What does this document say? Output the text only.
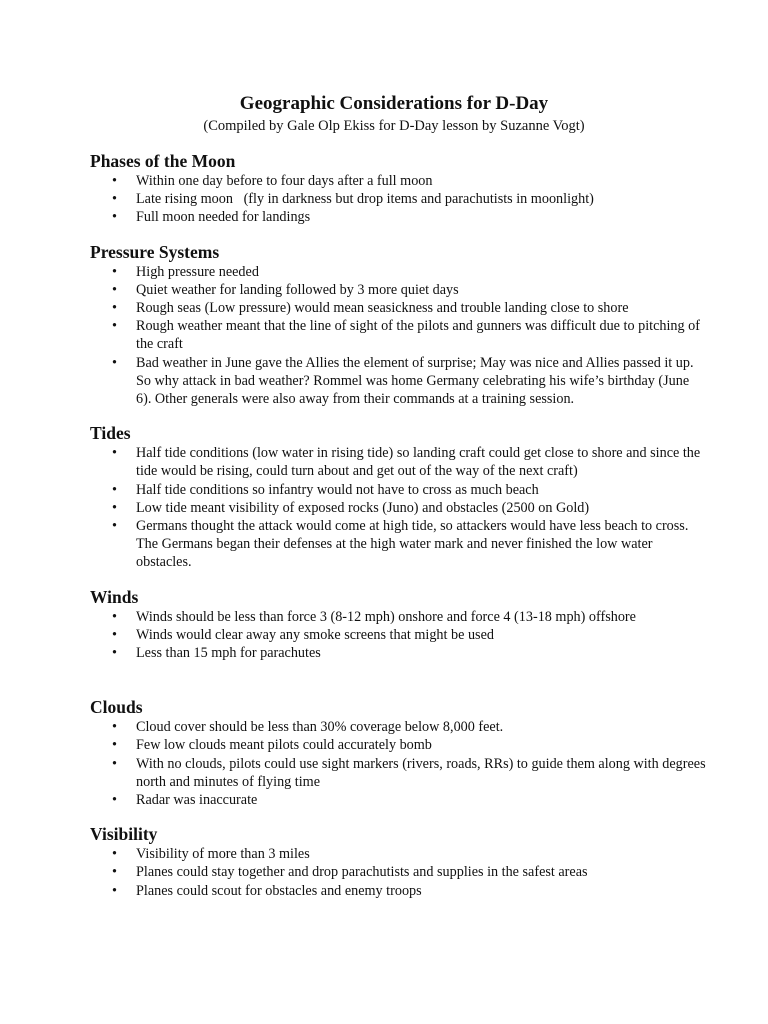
Geographic Considerations for D-Day

(Compiled by Gale Olp Ekiss for D-Day lesson by Suzanne Vogt)

Phases of the Moon
• Within one day before to four days after a full moon
• Late rising moon   (fly in darkness but drop items and parachutists in moonlight)
• Full moon needed for landings
Pressure Systems
• High pressure needed
• Quiet weather for landing followed by 3 more quiet days
• Rough seas (Low pressure) would mean seasickness and trouble landing close to shore
• Rough weather meant that the line of sight of the pilots and gunners was difficult due to pitching of the craft
• Bad weather in June gave the Allies the element of surprise; May was nice and Allies passed it up. So why attack in bad weather? Rommel was home Germany celebrating his wife’s birthday (June 6). Other generals were also away from their commands at a training session.
Tides
• Half tide conditions (low water in rising tide) so landing craft could get close to shore and since the tide would be rising, could turn about and get out of the way of the next craft)
• Half tide conditions so infantry would not have to cross as much beach
• Low tide meant visibility of exposed rocks (Juno) and obstacles (2500 on Gold)
• Germans thought the attack would come at high tide, so attackers would have less beach to cross. The Germans began their defenses at the high water mark and never finished the low water obstacles.
Winds
• Winds should be less than force 3 (8-12 mph) onshore and force 4 (13-18 mph) offshore
• Winds would clear away any smoke screens that might be used
• Less than 15 mph for parachutes
Clouds
• Cloud cover should be less than 30% coverage below 8,000 feet.
• Few low clouds meant pilots could accurately bomb
• With no clouds, pilots could use sight markers (rivers, roads, RRs) to guide them along with degrees north and minutes of flying time
• Radar was inaccurate
Visibility
• Visibility of more than 3 miles
• Planes could stay together and drop parachutists and supplies in the safest areas
• Planes could scout for obstacles and enemy troops
